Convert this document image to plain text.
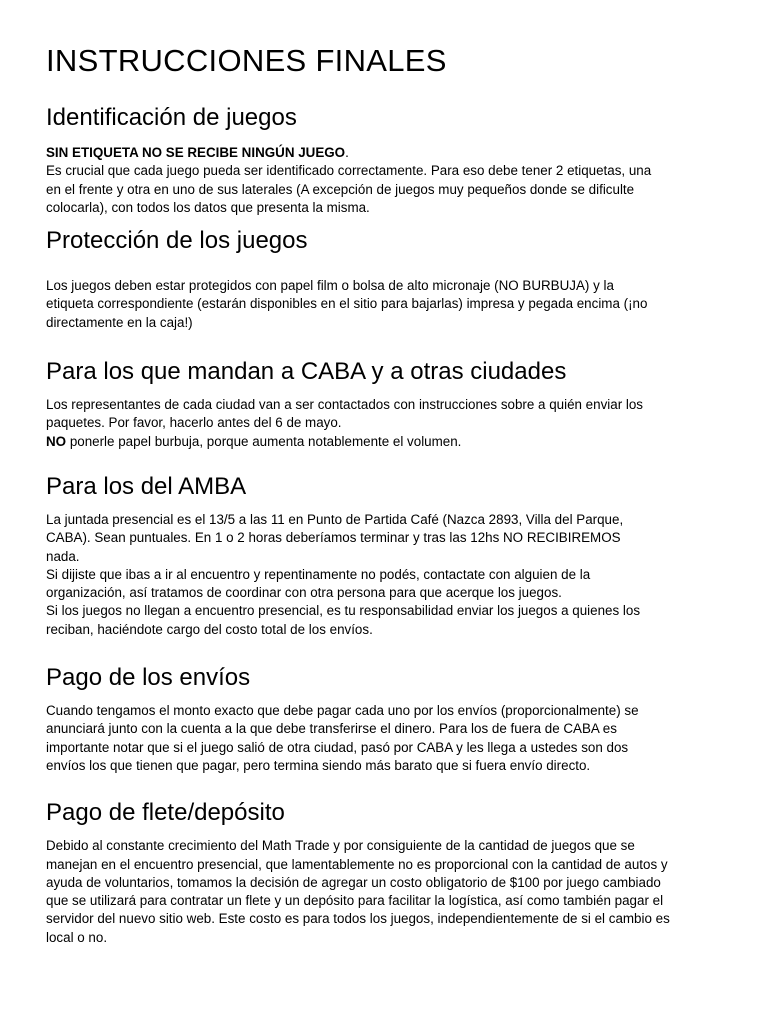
INSTRUCCIONES FINALES
Identificación de juegos

SIN ETIQUETA NO SE RECIBE NINGÚN JUEGO.
Es crucial que cada juego pueda ser identificado correctamente. Para eso debe tener 2 etiquetas, una
en el frente y otra en uno de sus laterales (A excepción de juegos muy pequeños donde se dificulte
colocarla), con todos los datos que presenta la misma.

Protección de los juegos

Los juegos deben estar protegidos con papel film o bolsa de alto micronaje (NO BURBUJA) y la
etiqueta correspondiente (estarán disponibles en el sitio para bajarlas) impresa y pegada encima (¡no
directamente en la caja!)

Para los que mandan a CABA y a otras ciudades

Los representantes de cada ciudad van a ser contactados con instrucciones sobre a quién enviar los
paquetes. Por favor, hacerlo antes del 6 de mayo.
NO ponerle papel burbuja, porque aumenta notablemente el volumen.

Para los del AMBA

La juntada presencial es el 13/5 a las 11 en Punto de Partida Café (Nazca 2893, Villa del Parque,
CABA). Sean puntuales. En 1 o 2 horas deberíamos terminar y tras las 12hs NO RECIBIREMOS
nada.
Si dijiste que ibas a ir al encuentro y repentinamente no podés, contactate con alguien de la
organización, así tratamos de coordinar con otra persona para que acerque los juegos.
Si los juegos no llegan a encuentro presencial, es tu responsabilidad enviar los juegos a quienes los
reciban, haciéndote cargo del costo total de los envíos.

Pago de los envíos

Cuando tengamos el monto exacto que debe pagar cada uno por los envíos (proporcionalmente) se
anunciará junto con la cuenta a la que debe transferirse el dinero. Para los de fuera de CABA es
importante notar que si el juego salió de otra ciudad, pasó por CABA y les llega a ustedes son dos
envíos los que tienen que pagar, pero termina siendo más barato que si fuera envío directo.

Pago de flete/depósito

Debido al constante crecimiento del Math Trade y por consiguiente de la cantidad de juegos que se
manejan en el encuentro presencial, que lamentablemente no es proporcional con la cantidad de autos y
ayuda de voluntarios, tomamos la decisión de agregar un costo obligatorio de $100 por juego cambiado
que se utilizará para contratar un flete y un depósito para facilitar la logística, así como también pagar el
servidor del nuevo sitio web. Este costo es para todos los juegos, independientemente de si el cambio es
local o no.
